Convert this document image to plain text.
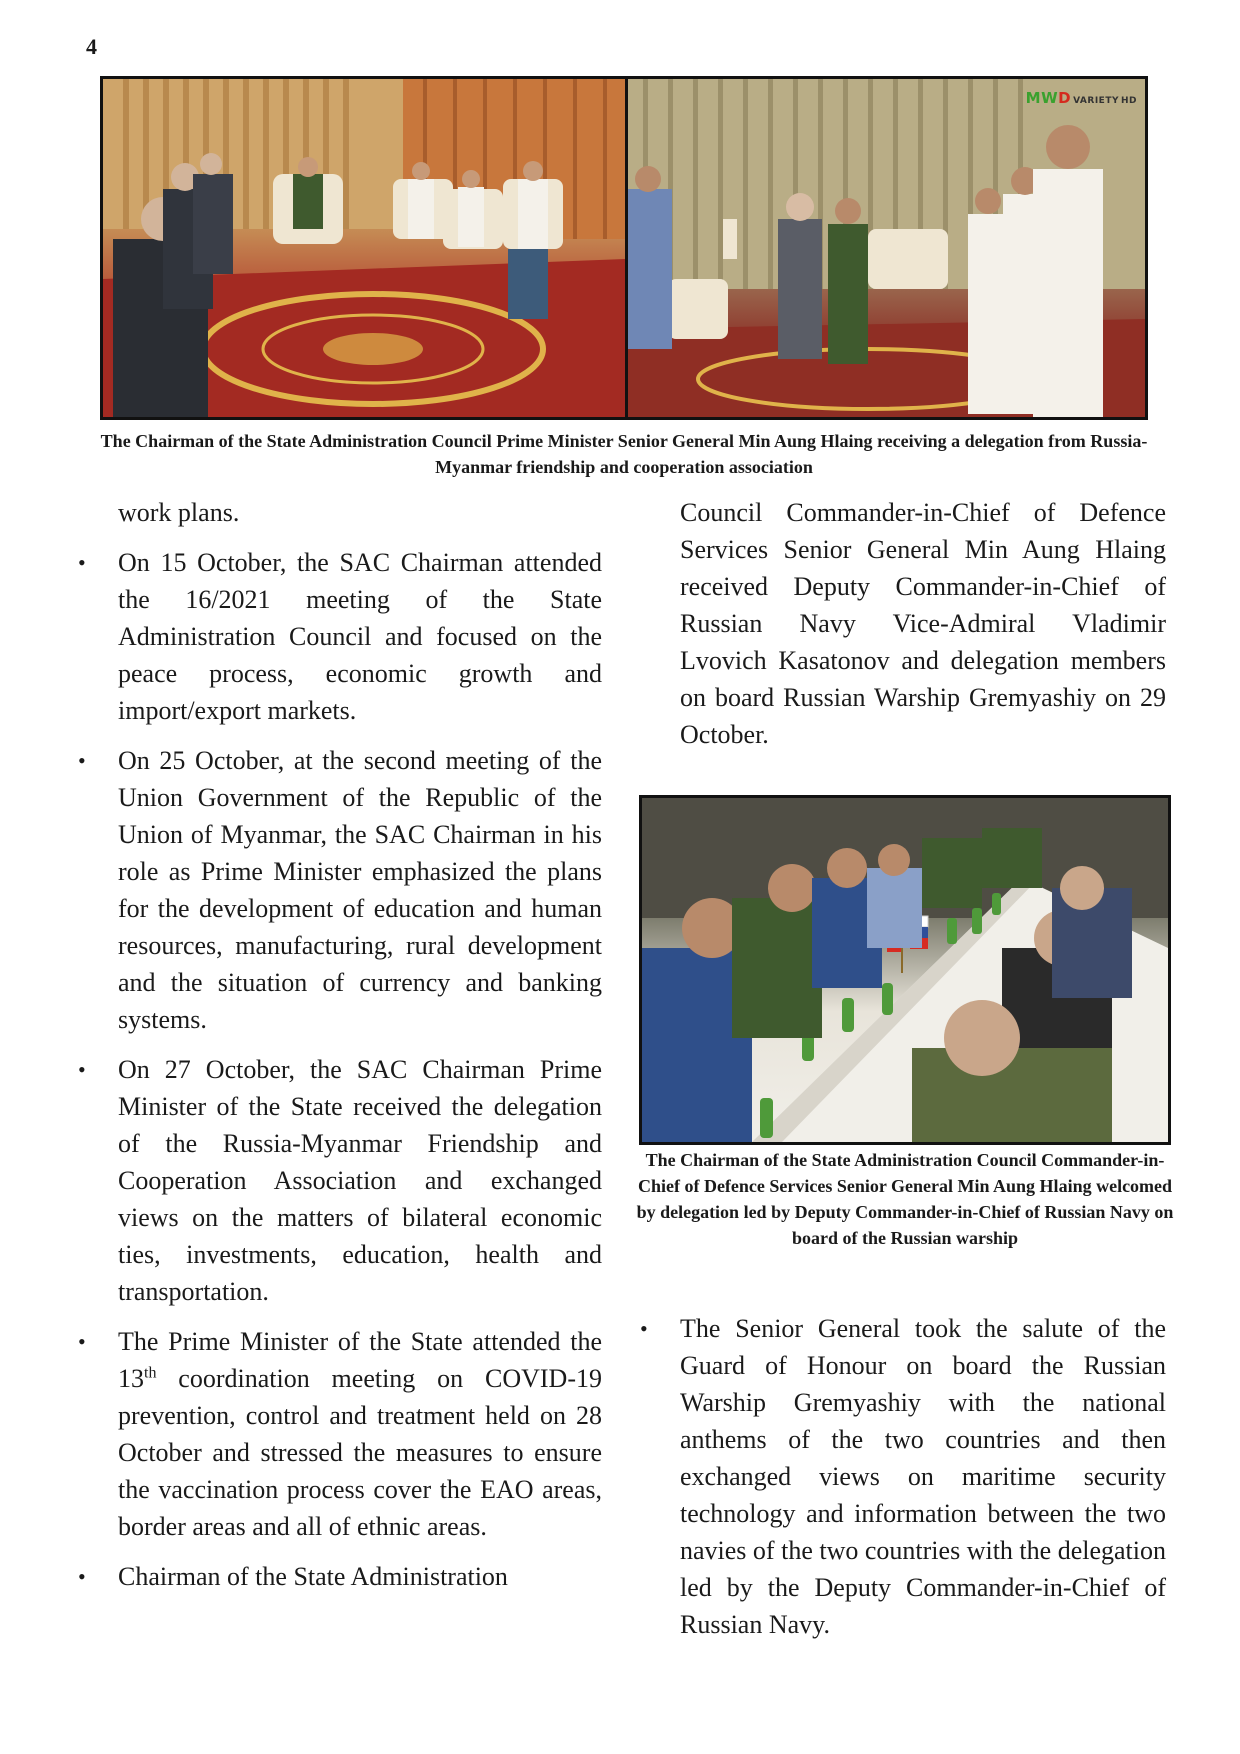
4
MWD VARIETY HD
The Chairman of the State Administration Council Prime Minister Senior General Min Aung Hlaing receiving a delegation from Russia-Myanmar friendship and cooperation association

work plans.

• On 15 October, the SAC Chairman attended the 16/2021 meeting of the State Administration Council and focused on the peace process, economic growth and import/export markets.
• On 25 October, at the second meeting of the Union Government of the Republic of the Union of Myanmar, the SAC Chairman in his role as Prime Minister emphasized the plans for the development of education and human resources, manufacturing, rural development and the situation of currency and banking systems.
• On 27 October, the SAC Chairman Prime Minister of the State received the delegation of the Russia-Myanmar Friendship and Cooperation Association and exchanged views on the matters of bilateral economic ties, investments, education, health and transportation.
• The Prime Minister of the State attended the 13th coordination meeting on COVID-19 prevention, control and treatment held on 28 October and stressed the measures to ensure the vaccination process cover the EAO areas, border areas and all of ethnic areas.
• Chairman of the State Administration

Council Commander-in-Chief of Defence Services Senior General Min Aung Hlaing received Deputy Commander-in-Chief of Russian Navy Vice-Admiral Vladimir Lvovich Kasatonov and delegation members on board Russian Warship Gremyashiy on 29 October.

The Chairman of the State Administration Council Commander-in-Chief of Defence Services Senior General Min Aung Hlaing welcomed by delegation led by Deputy Commander-in-Chief of Russian Navy on board of the Russian warship
• The Senior General took the salute of the Guard of Honour on board the Russian Warship Gremyashiy with the national anthems of the two countries and then exchanged views on maritime security technology and information between the two navies of the two countries with the delegation led by the Deputy Commander-in-Chief of Russian Navy.
